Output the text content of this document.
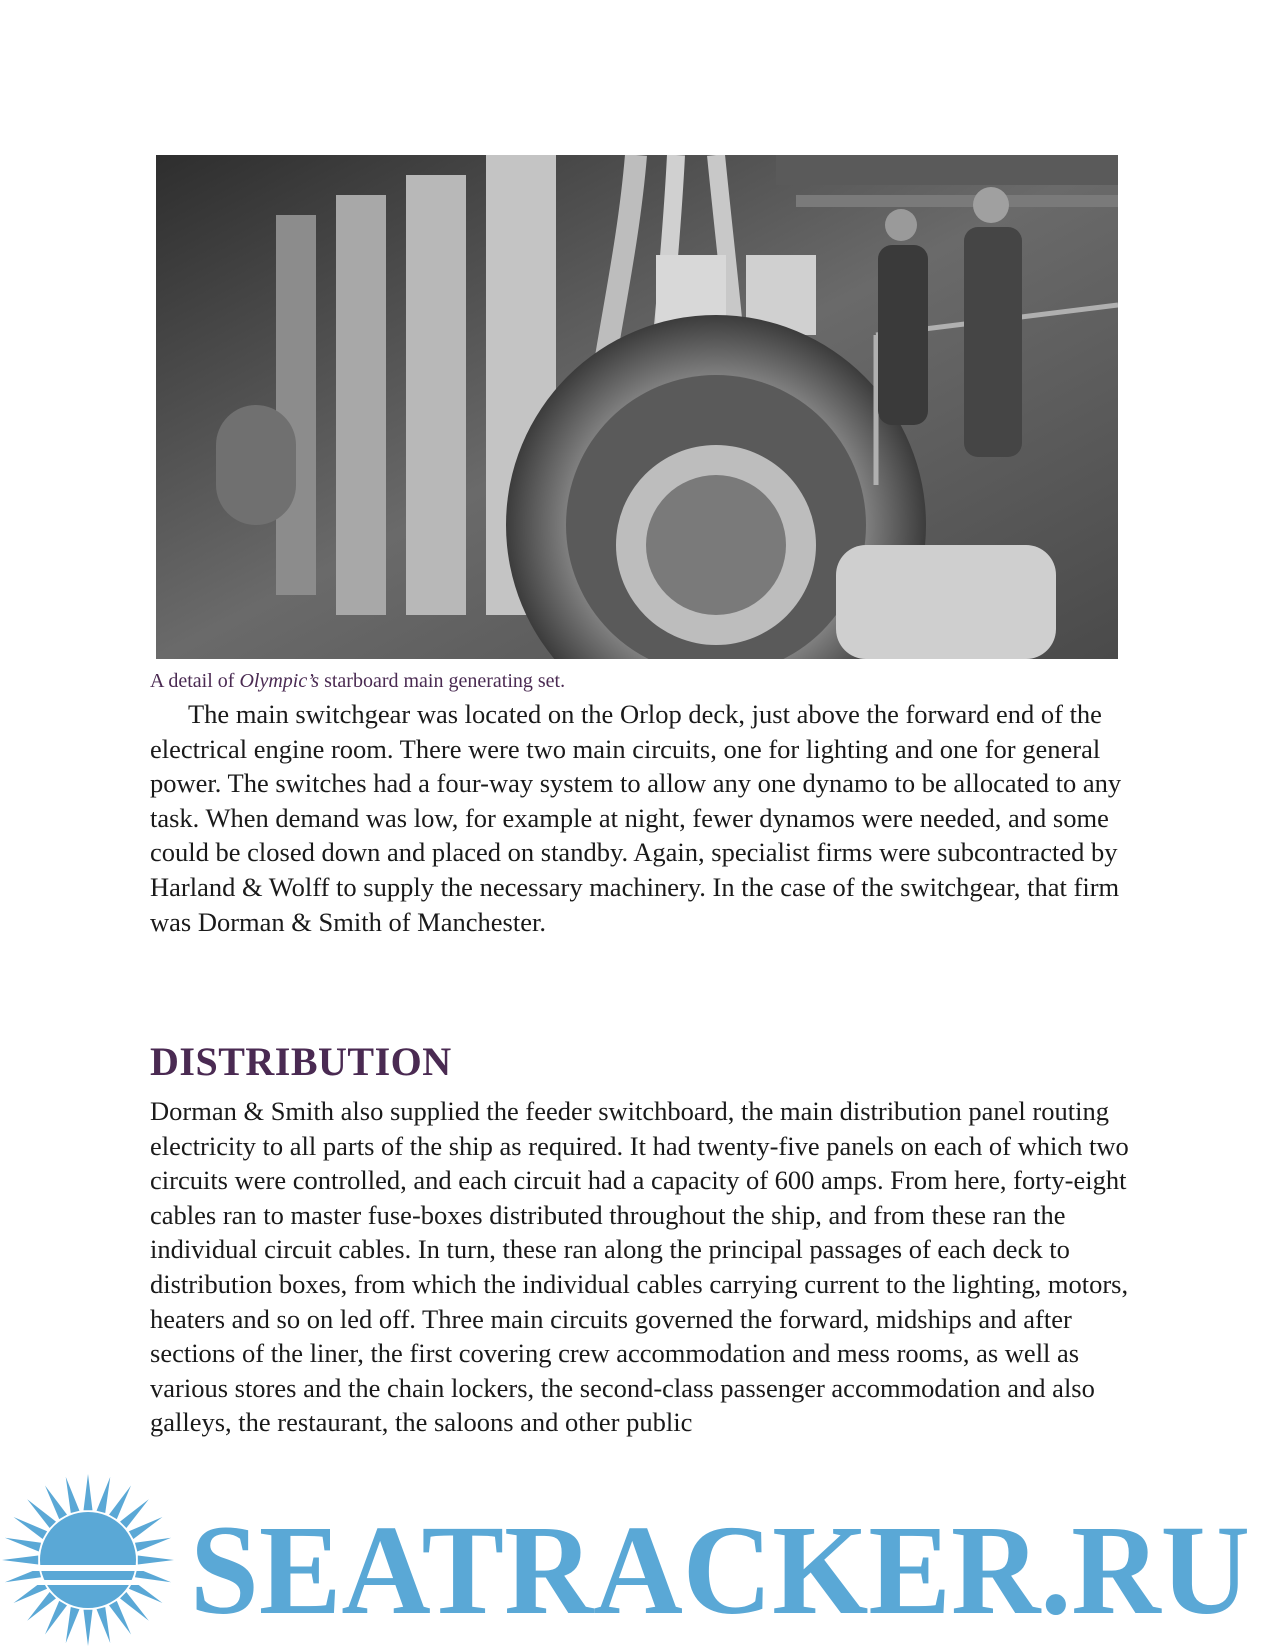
A detail of Olympic’s starboard main generating set.

The main switchgear was located on the Orlop deck, just above the forward end of the electrical engine room. There were two main circuits, one for lighting and one for general power. The switches had a four-way system to allow any one dynamo to be allocated to any task. When demand was low, for example at night, fewer dynamos were needed, and some could be closed down and placed on standby. Again, specialist firms were subcontracted by Harland & Wolff to supply the necessary machinery. In the case of the switchgear, that firm was Dorman & Smith of Manchester.

DISTRIBUTION

Dorman & Smith also supplied the feeder switchboard, the main distribution panel routing electricity to all parts of the ship as required. It had twenty-five panels on each of which two circuits were controlled, and each circuit had a capacity of 600 amps. From here, forty-eight cables ran to master fuse-boxes distributed throughout the ship, and from these ran the individual circuit cables. In turn, these ran along the principal passages of each deck to distribution boxes, from which the individual cables carrying current to the lighting, motors, heaters and so on led off. Three main circuits governed the forward, midships and after sections of the liner, the first covering crew accommodation and mess rooms, as well as various stores and the chain lockers, the second-class passenger accommodation and also galleys, the restaurant, the saloons and other public

SEATRACKER.RU
